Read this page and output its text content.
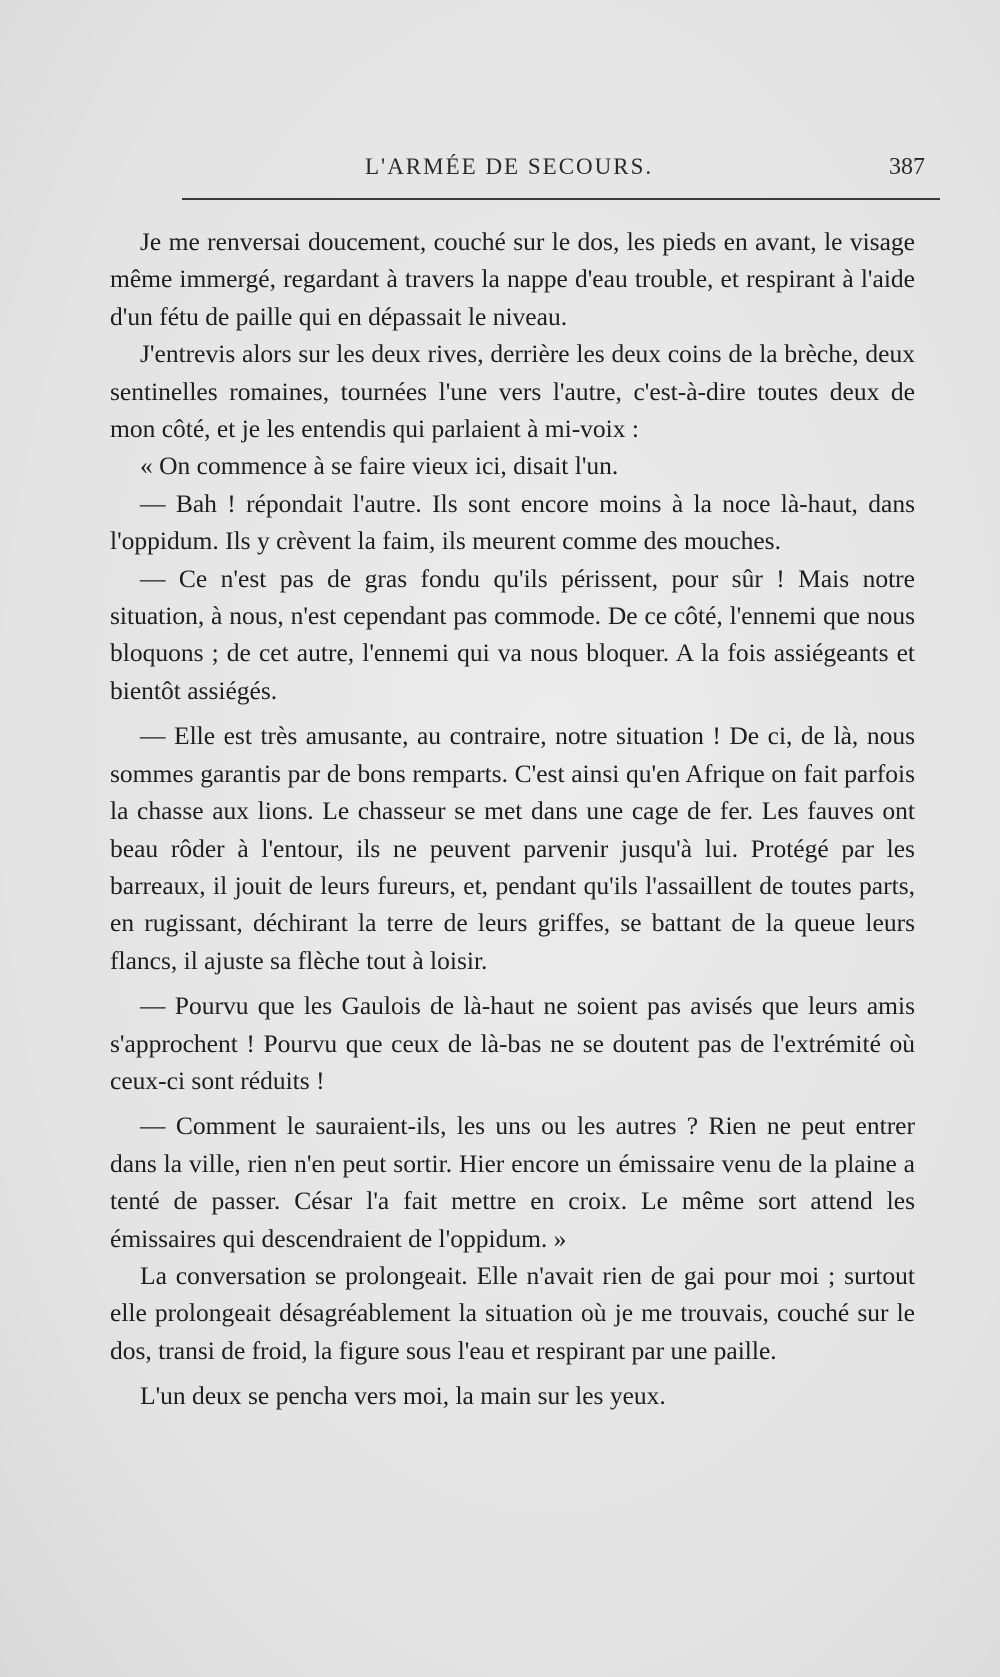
L'ARMÉE DE SECOURS.	387

Je me renversai doucement, couché sur le dos, les pieds en avant, le visage même immergé, regardant à travers la nappe d'eau trouble, et respirant à l'aide d'un fétu de paille qui en dépassait le niveau.

J'entrevis alors sur les deux rives, derrière les deux coins de la brèche, deux sentinelles romaines, tournées l'une vers l'autre, c'est-à-dire toutes deux de mon côté, et je les entendis qui parlaient à mi-voix :

« On commence à se faire vieux ici, disait l'un.

— Bah ! répondait l'autre. Ils sont encore moins à la noce là-haut, dans l'oppidum. Ils y crèvent la faim, ils meurent comme des mouches.

— Ce n'est pas de gras fondu qu'ils périssent, pour sûr ! Mais notre situation, à nous, n'est cependant pas commode. De ce côté, l'ennemi que nous bloquons ; de cet autre, l'ennemi qui va nous bloquer. A la fois assiégeants et bientôt assiégés.

— Elle est très amusante, au contraire, notre situation ! De ci, de là, nous sommes garantis par de bons remparts. C'est ainsi qu'en Afrique on fait parfois la chasse aux lions. Le chasseur se met dans une cage de fer. Les fauves ont beau rôder à l'entour, ils ne peuvent parvenir jusqu'à lui. Protégé par les barreaux, il jouit de leurs fureurs, et, pendant qu'ils l'assaillent de toutes parts, en rugissant, déchirant la terre de leurs griffes, se battant de la queue leurs flancs, il ajuste sa flèche tout à loisir.

— Pourvu que les Gaulois de là-haut ne soient pas avisés que leurs amis s'approchent ! Pourvu que ceux de là-bas ne se doutent pas de l'extrémité où ceux-ci sont réduits !

— Comment le sauraient-ils, les uns ou les autres ? Rien ne peut entrer dans la ville, rien n'en peut sortir. Hier encore un émissaire venu de la plaine a tenté de passer. César l'a fait mettre en croix. Le même sort attend les émissaires qui descendraient de l'oppidum. »

La conversation se prolongeait. Elle n'avait rien de gai pour moi ; surtout elle prolongeait désagréablement la situation où je me trouvais, couché sur le dos, transi de froid, la figure sous l'eau et respirant par une paille.

L'un deux se pencha vers moi, la main sur les yeux.
